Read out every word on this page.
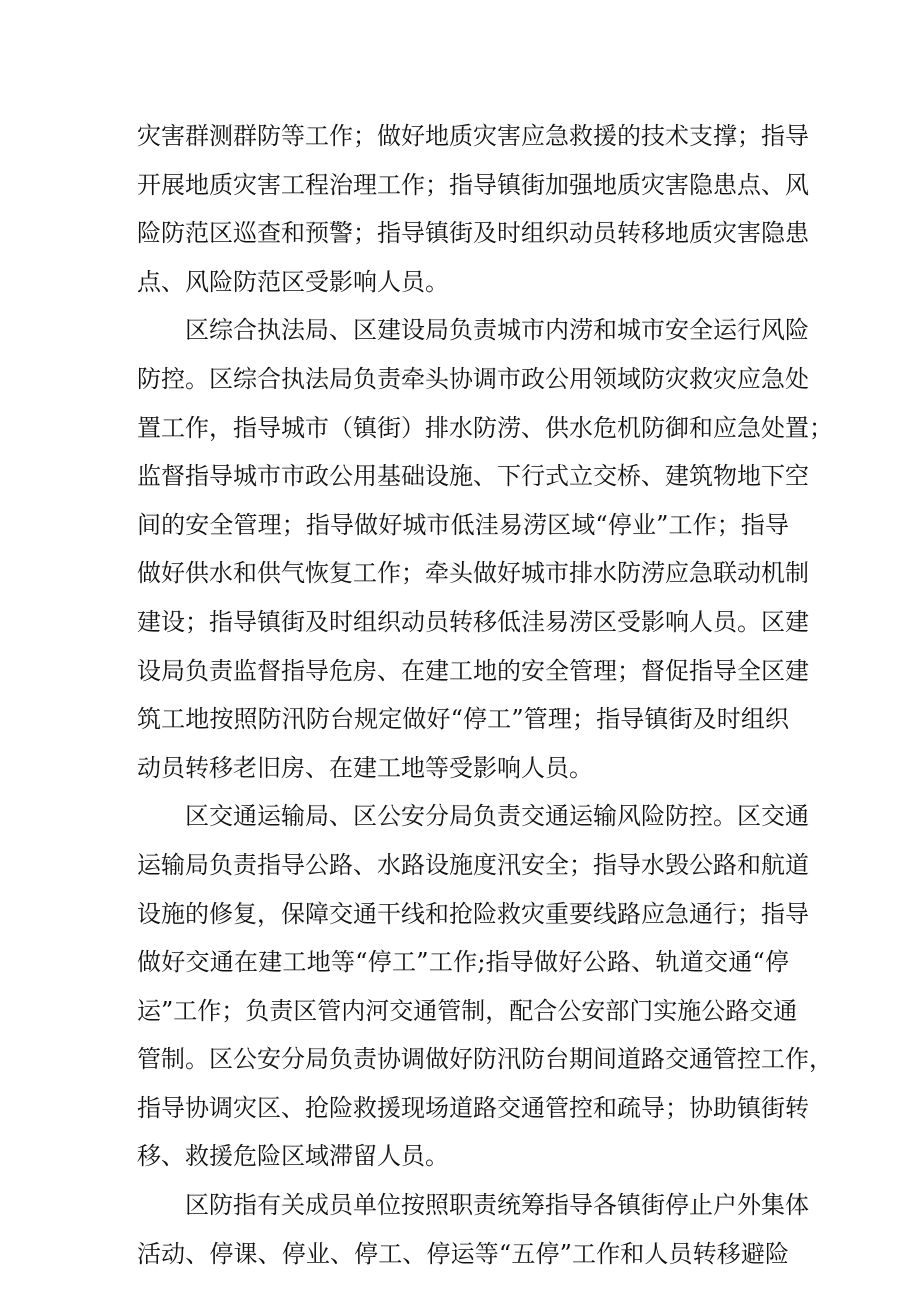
灾害群测群防等工作；做好地质灾害应急救援的技术支撑；指导
开展地质灾害工程治理工作；指导镇街加强地质灾害隐患点、风
险防范区巡查和预警；指导镇街及时组织动员转移地质灾害隐患
点、风险防范区受影响人员。
区综合执法局、区建设局负责城市内涝和城市安全运行风险
防控。区综合执法局负责牵头协调市政公用领域防灾救灾应急处
置工作，指导城市（镇街）排水防涝、供水危机防御和应急处置；
监督指导城市市政公用基础设施、下行式立交桥、建筑物地下空
间的安全管理；指导做好城市低洼易涝区域“停业”工作；指导
做好供水和供气恢复工作；牵头做好城市排水防涝应急联动机制
建设；指导镇街及时组织动员转移低洼易涝区受影响人员。区建
设局负责监督指导危房、在建工地的安全管理；督促指导全区建
筑工地按照防汛防台规定做好“停工”管理；指导镇街及时组织
动员转移老旧房、在建工地等受影响人员。
区交通运输局、区公安分局负责交通运输风险防控。区交通
运输局负责指导公路、水路设施度汛安全；指导水毁公路和航道
设施的修复，保障交通干线和抢险救灾重要线路应急通行；指导
做好交通在建工地等“停工”工作;指导做好公路、轨道交通“停
运”工作；负责区管内河交通管制，配合公安部门实施公路交通
管制。区公安分局负责协调做好防汛防台期间道路交通管控工作，
指导协调灾区、抢险救援现场道路交通管控和疏导；协助镇街转
移、救援危险区域滞留人员。
区防指有关成员单位按照职责统筹指导各镇街停止户外集体
活动、停课、停业、停工、停运等“五停”工作和人员转移避险
